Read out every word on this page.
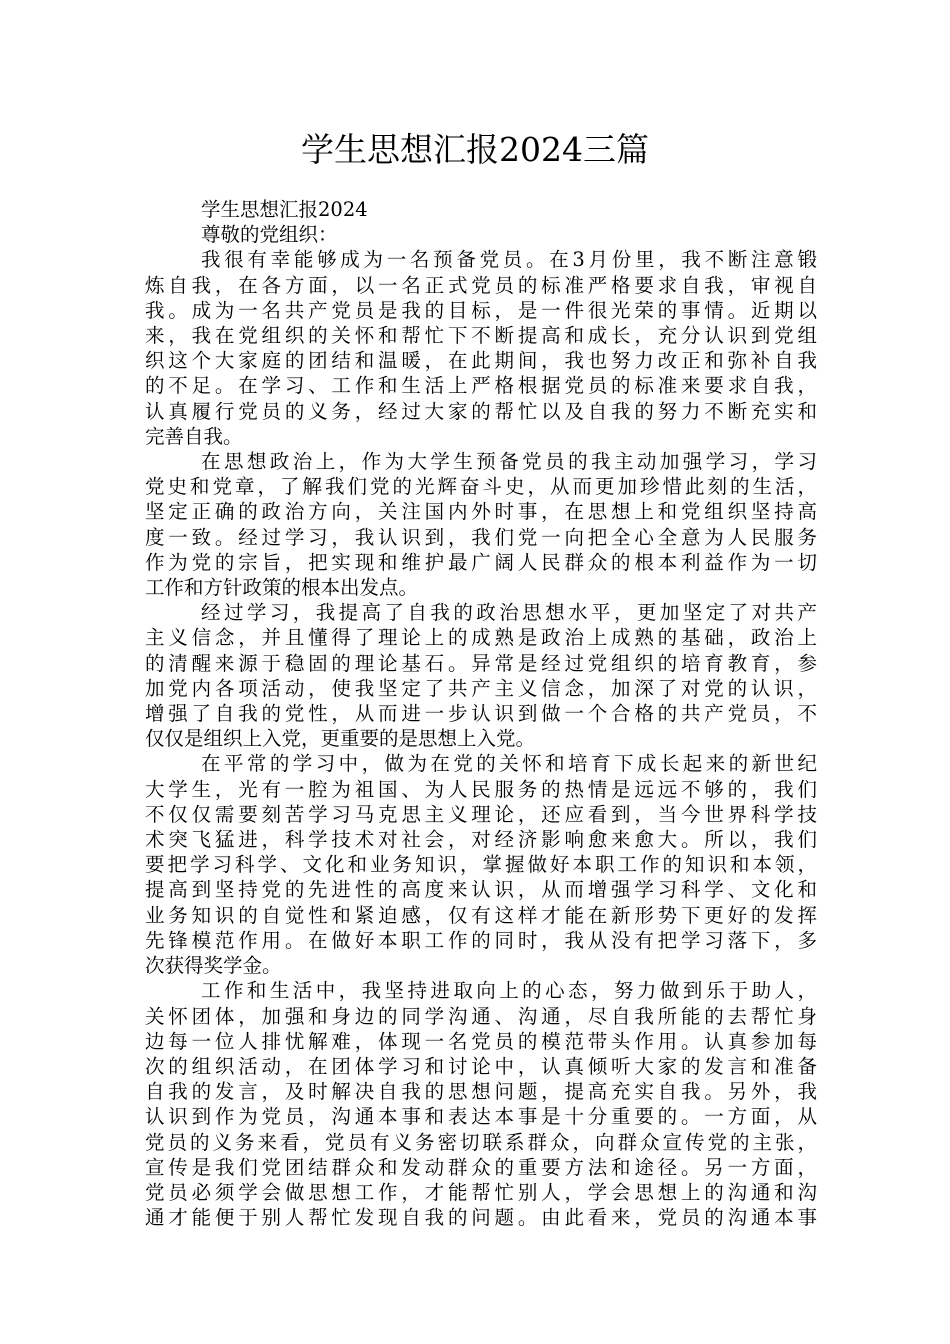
学生思想汇报2024三篇
学生思想汇报2024
尊敬的党组织：
我很有幸能够成为一名预备党员。在3月份里，我不断注意锻
炼自我，在各方面，以一名正式党员的标准严格要求自我，审视自
我。成为一名共产党员是我的目标，是一件很光荣的事情。近期以
来，我在党组织的关怀和帮忙下不断提高和成长，充分认识到党组
织这个大家庭的团结和温暖，在此期间，我也努力改正和弥补自我
的不足。在学习、工作和生活上严格根据党员的标准来要求自我，
认真履行党员的义务，经过大家的帮忙以及自我的努力不断充实和
完善自我。
在思想政治上，作为大学生预备党员的我主动加强学习，学习
党史和党章，了解我们党的光辉奋斗史，从而更加珍惜此刻的生活，
坚定正确的政治方向，关注国内外时事，在思想上和党组织坚持高
度一致。经过学习，我认识到，我们党一向把全心全意为人民服务
作为党的宗旨，把实现和维护最广阔人民群众的根本利益作为一切
工作和方针政策的根本出发点。
经过学习，我提高了自我的政治思想水平，更加坚定了对共产
主义信念，并且懂得了理论上的成熟是政治上成熟的基础，政治上
的清醒来源于稳固的理论基石。异常是经过党组织的培育教育，参
加党内各项活动，使我坚定了共产主义信念，加深了对党的认识，
增强了自我的党性，从而进一步认识到做一个合格的共产党员，不
仅仅是组织上入党，更重要的是思想上入党。
在平常的学习中，做为在党的关怀和培育下成长起来的新世纪
大学生，光有一腔为祖国、为人民服务的热情是远远不够的，我们
不仅仅需要刻苦学习马克思主义理论，还应看到，当今世界科学技
术突飞猛进，科学技术对社会，对经济影响愈来愈大。所以，我们
要把学习科学、文化和业务知识，掌握做好本职工作的知识和本领，
提高到坚持党的先进性的高度来认识，从而增强学习科学、文化和
业务知识的自觉性和紧迫感，仅有这样才能在新形势下更好的发挥
先锋模范作用。在做好本职工作的同时，我从没有把学习落下，多
次获得奖学金。
工作和生活中，我坚持进取向上的心态，努力做到乐于助人，
关怀团体，加强和身边的同学沟通、沟通，尽自我所能的去帮忙身
边每一位人排忧解难，体现一名党员的模范带头作用。认真参加每
次的组织活动，在团体学习和讨论中，认真倾听大家的发言和准备
自我的发言，及时解决自我的思想问题，提高充实自我。另外，我
认识到作为党员，沟通本事和表达本事是十分重要的。一方面，从
党员的义务来看，党员有义务密切联系群众，向群众宣传党的主张，
宣传是我们党团结群众和发动群众的重要方法和途径。另一方面，
党员必须学会做思想工作，才能帮忙别人，学会思想上的沟通和沟
通才能便于别人帮忙发现自我的问题。由此看来，党员的沟通本事
